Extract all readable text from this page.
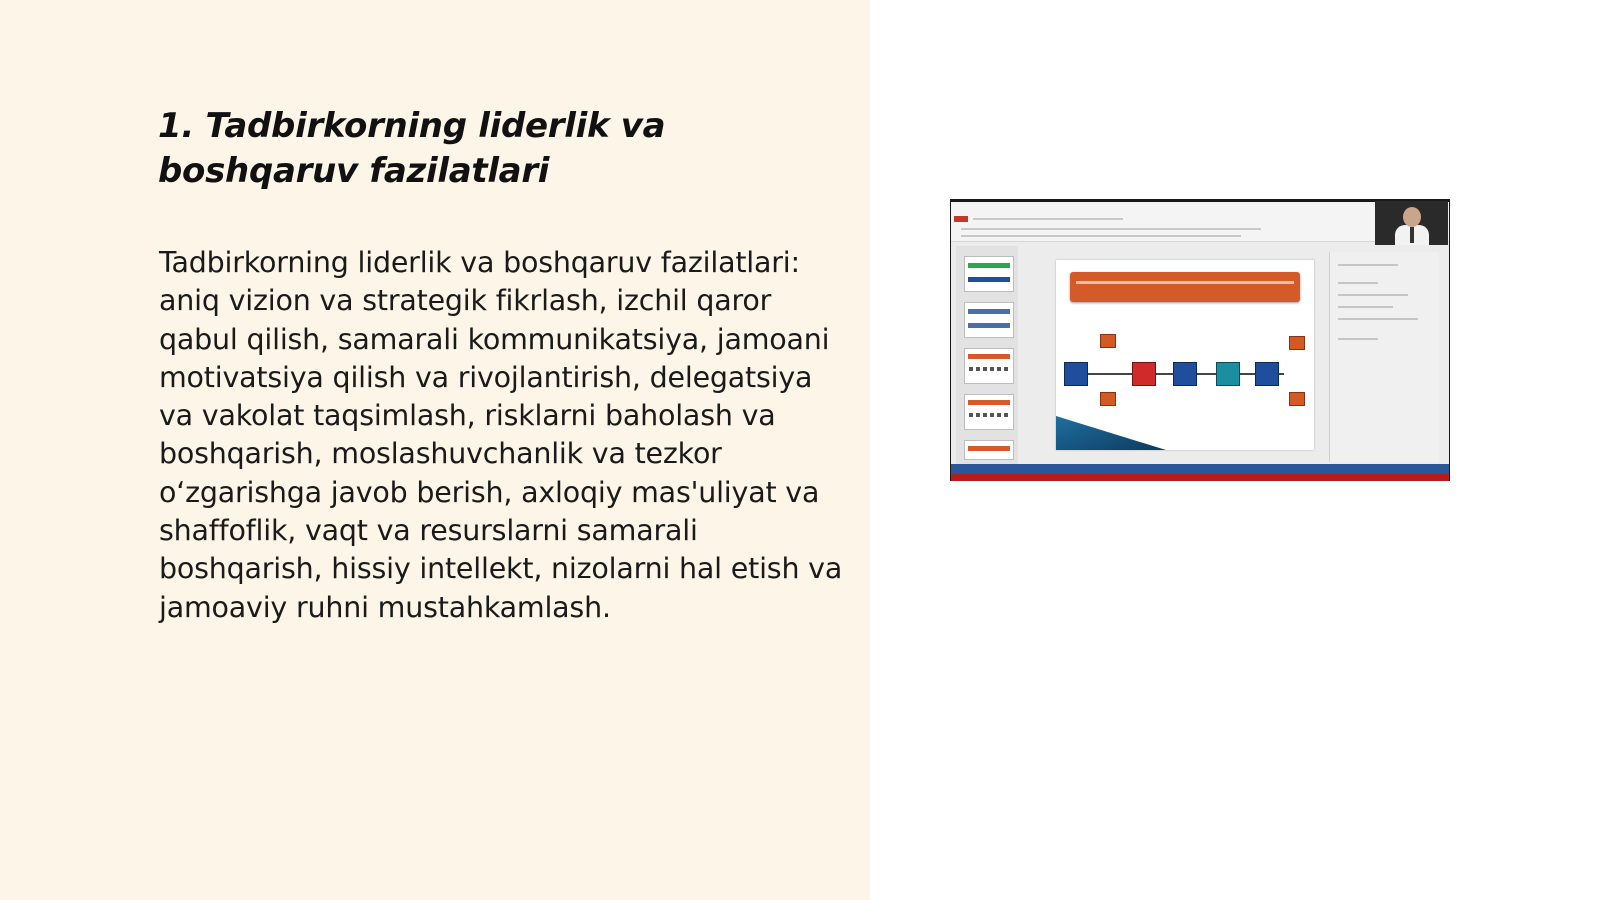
1. Tadbirkorning liderlik va boshqaruv fazilatlari

Tadbirkorning liderlik va boshqaruv fazilatlari: aniq vizion va strategik fikrlash, izchil qaror qabul qilish, samarali kommunikatsiya, jamoani motivatsiya qilish va rivojlantirish, delegatsiya va vakolat taqsimlash, risklarni baholash va boshqarish, moslashuvchanlik va tezkor oʻzgarishga javob berish, axloqiy mas'uliyat va shaffoflik, vaqt va resurslarni samarali boshqarish, hissiy intellekt, nizolarni hal etish va jamoaviy ruhni mustahkamlash.
